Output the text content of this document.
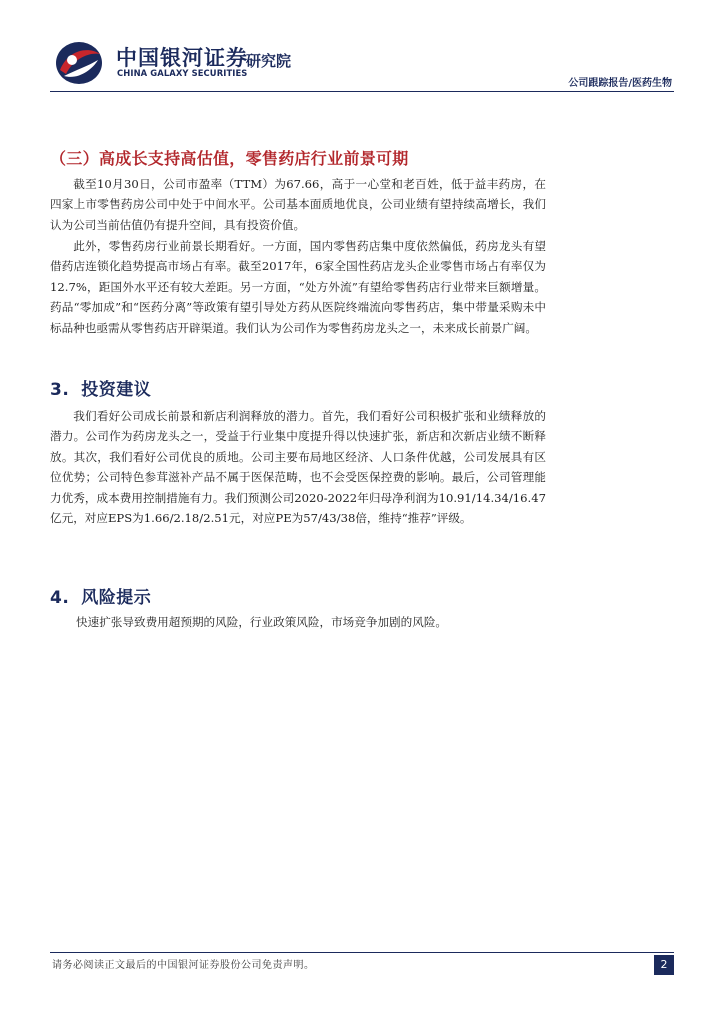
中国银河证券
CHINA GALAXY SECURITIES
研究院
公司跟踪报告/医药生物
（三）高成长支持高估值，零售药店行业前景可期

截至10月30日，公司市盈率（TTM）为67.66，高于一心堂和老百姓，低于益丰药房，在四家上市零售药房公司中处于中间水平。公司基本面质地优良，公司业绩有望持续高增长，我们认为公司当前估值仍有提升空间，具有投资价值。

此外，零售药房行业前景长期看好。一方面，国内零售药店集中度依然偏低，药房龙头有望借药店连锁化趋势提高市场占有率。截至2017年，6家全国性药店龙头企业零售市场占有率仅为12.7%，距国外水平还有较大差距。另一方面，“处方外流”有望给零售药店行业带来巨额增量。药品“零加成”和“医药分离”等政策有望引导处方药从医院终端流向零售药店，集中带量采购未中标品种也亟需从零售药店开辟渠道。我们认为公司作为零售药房龙头之一，未来成长前景广阔。

3. 投资建议

我们看好公司成长前景和新店利润释放的潜力。首先，我们看好公司积极扩张和业绩释放的潜力。公司作为药房龙头之一，受益于行业集中度提升得以快速扩张，新店和次新店业绩不断释放。其次，我们看好公司优良的质地。公司主要布局地区经济、人口条件优越，公司发展具有区位优势；公司特色参茸滋补产品不属于医保范畴，也不会受医保控费的影响。最后，公司管理能力优秀，成本费用控制措施有力。我们预测公司2020-2022年归母净利润为10.91/14.34/16.47亿元，对应EPS为1.66/2.18/2.51元，对应PE为57/43/38倍，维持“推荐”评级。

4. 风险提示

快速扩张导致费用超预期的风险，行业政策风险，市场竞争加剧的风险。

请务必阅读正文最后的中国银河证券股份公司免责声明。	2
